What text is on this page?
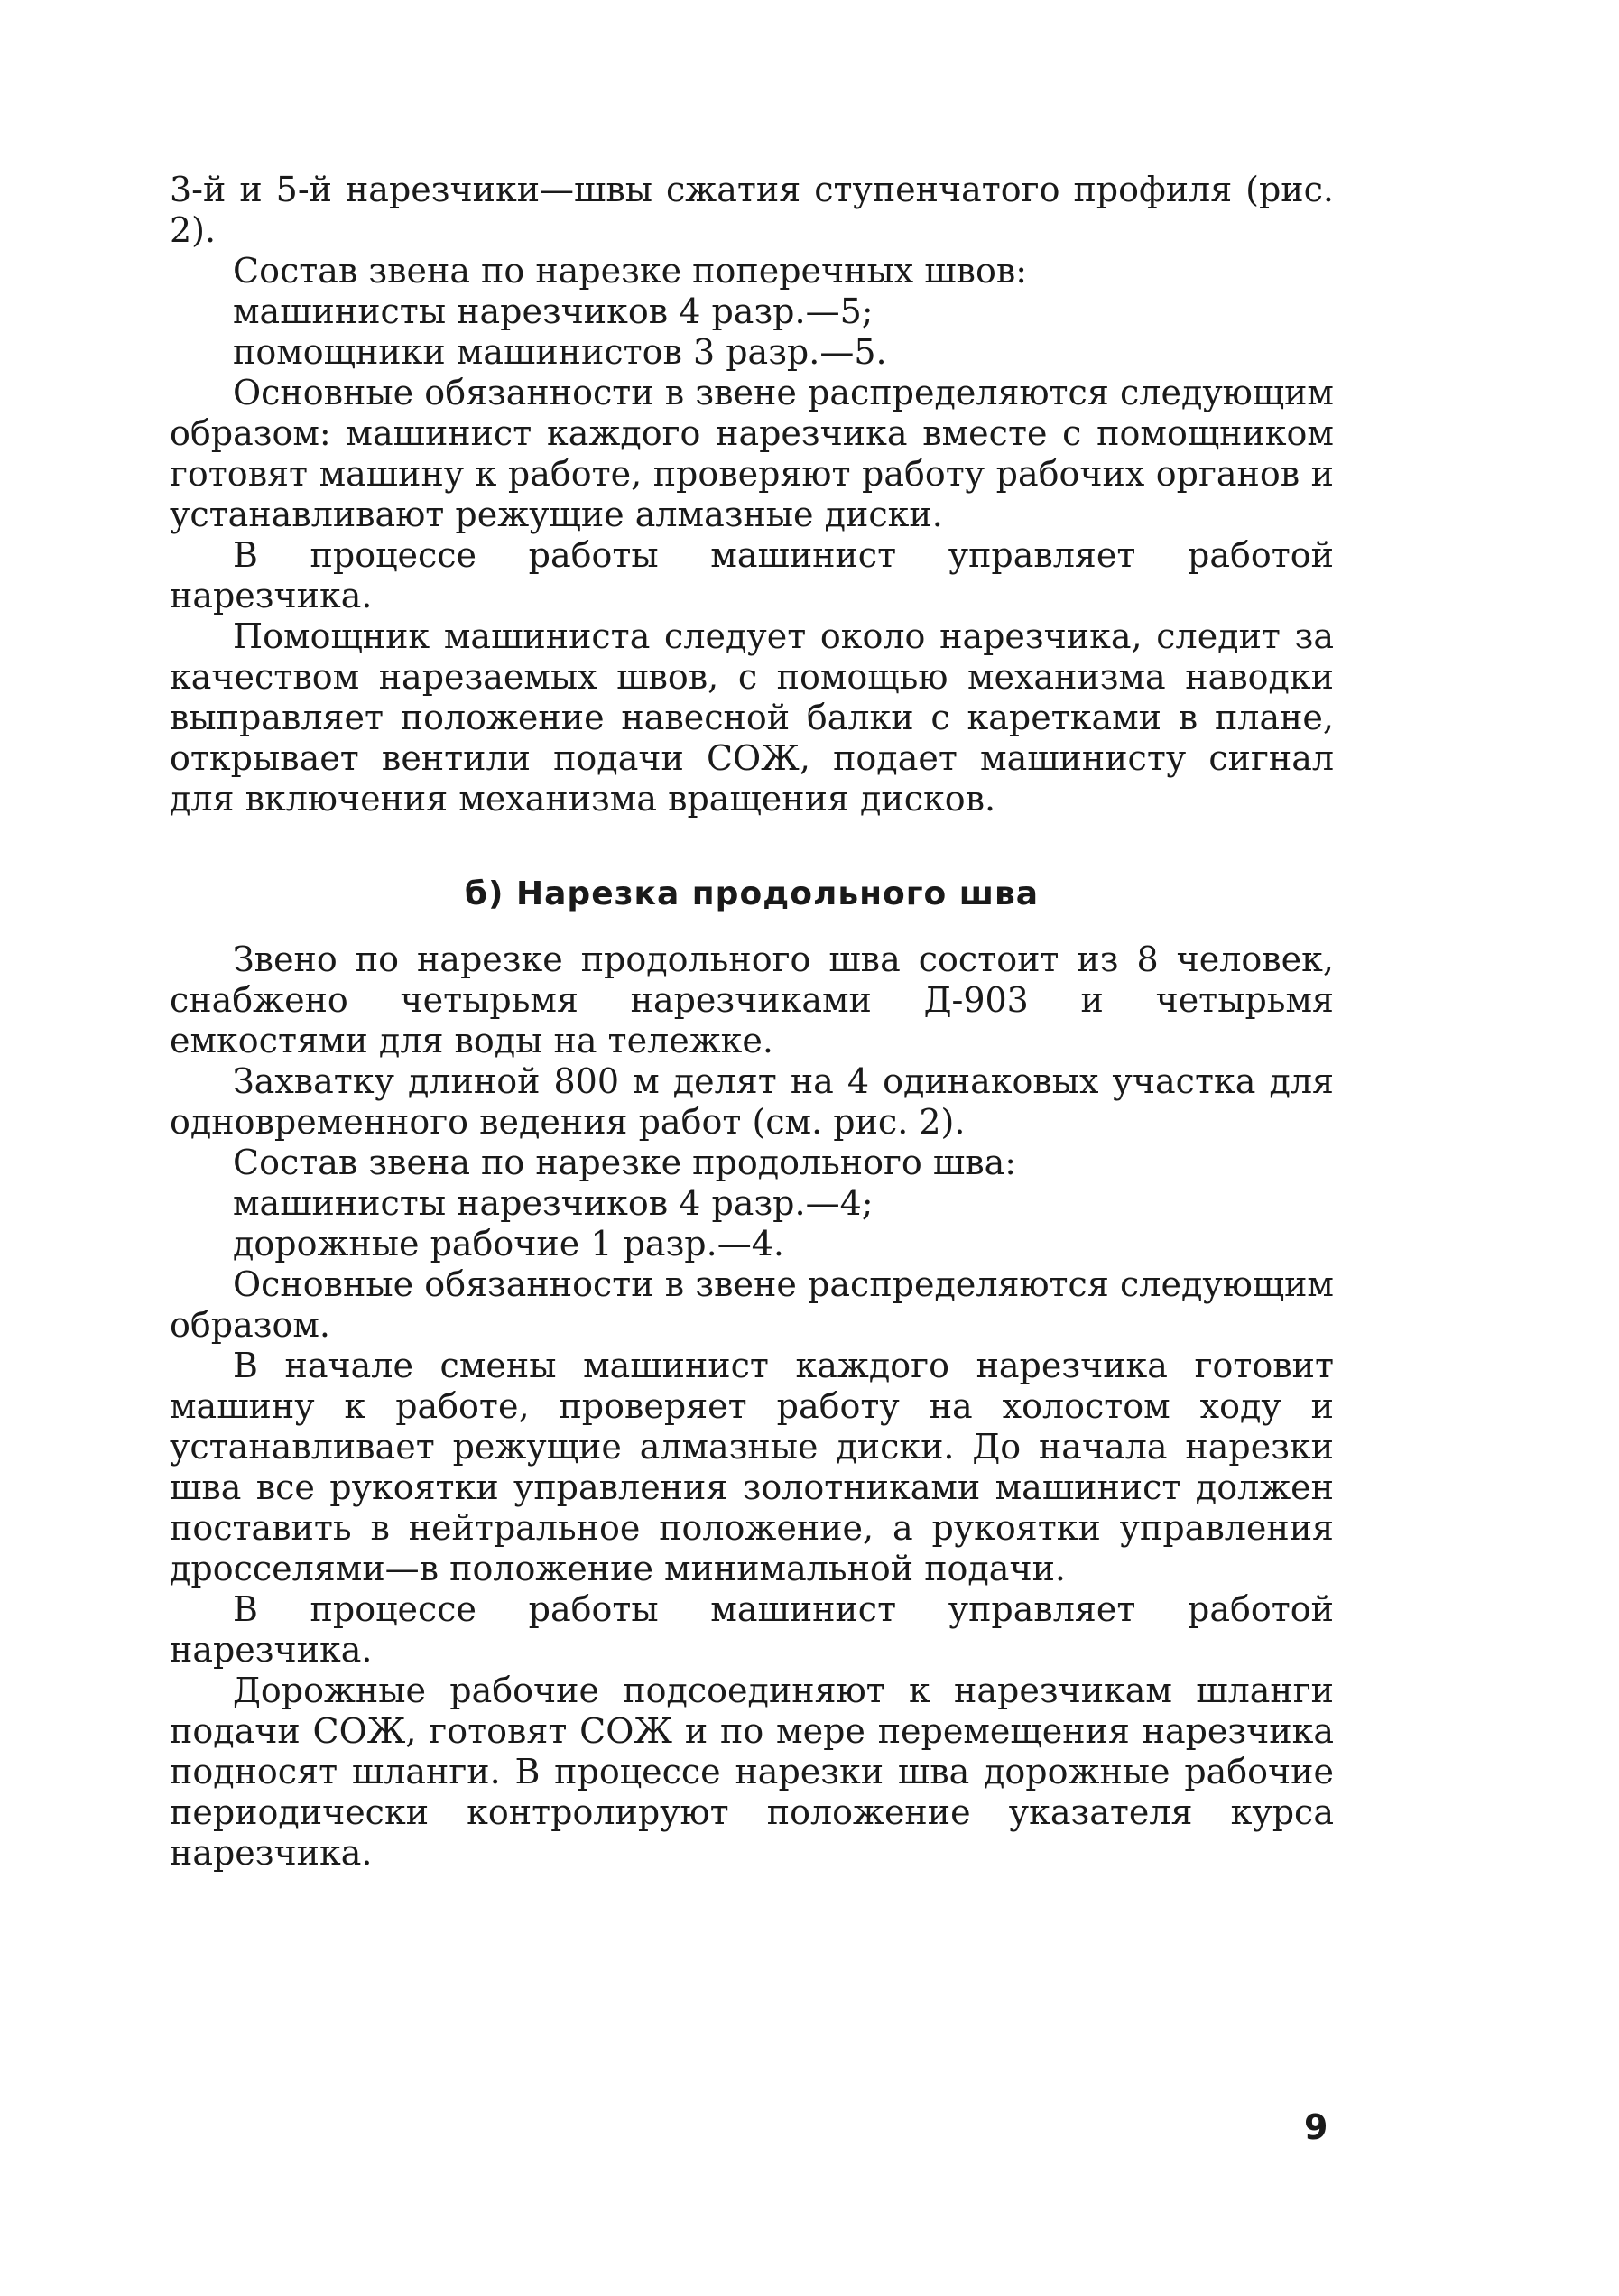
3-й и 5-й нарезчики—швы сжатия ступенчатого профиля (рис. 2).

Состав звена по нарезке поперечных швов:

машинисты нарезчиков 4 разр.—5;

помощники машинистов 3 разр.—5.

Основные обязанности в звене распределяются следующим образом: машинист каждого нарезчика вместе с помощником готовят машину к работе, проверяют работу рабочих органов и устанавливают режущие алмазные диски.

В процессе работы машинист управляет работой нарезчика.

Помощник машиниста следует около нарезчика, следит за качеством нарезаемых швов, с помощью механизма наводки выправляет положение навесной балки с каретками в плане, открывает вентили подачи СОЖ, подает машинисту сигнал для включения механизма вращения дисков.

б) Нарезка продольного шва

Звено по нарезке продольного шва состоит из 8 человек, снабжено четырьмя нарезчиками Д-903 и четырьмя емкостями для воды на тележке.

Захватку длиной 800 м делят на 4 одинаковых участка для одновременного ведения работ (см. рис. 2).

Состав звена по нарезке продольного шва:

машинисты нарезчиков 4 разр.—4;

дорожные рабочие 1 разр.—4.

Основные обязанности в звене распределяются следующим образом.

В начале смены машинист каждого нарезчика готовит машину к работе, проверяет работу на холостом ходу и устанавливает режущие алмазные диски. До начала нарезки шва все рукоятки управления золотниками машинист должен поставить в нейтральное положение, а рукоятки управления дросселями—в положение минимальной подачи.

В процессе работы машинист управляет работой нарезчика.

Дорожные рабочие подсоединяют к нарезчикам шланги подачи СОЖ, готовят СОЖ и по мере перемещения нарезчика подносят шланги. В процессе нарезки шва дорожные рабочие периодически контролируют положение указателя курса нарезчика.

9
